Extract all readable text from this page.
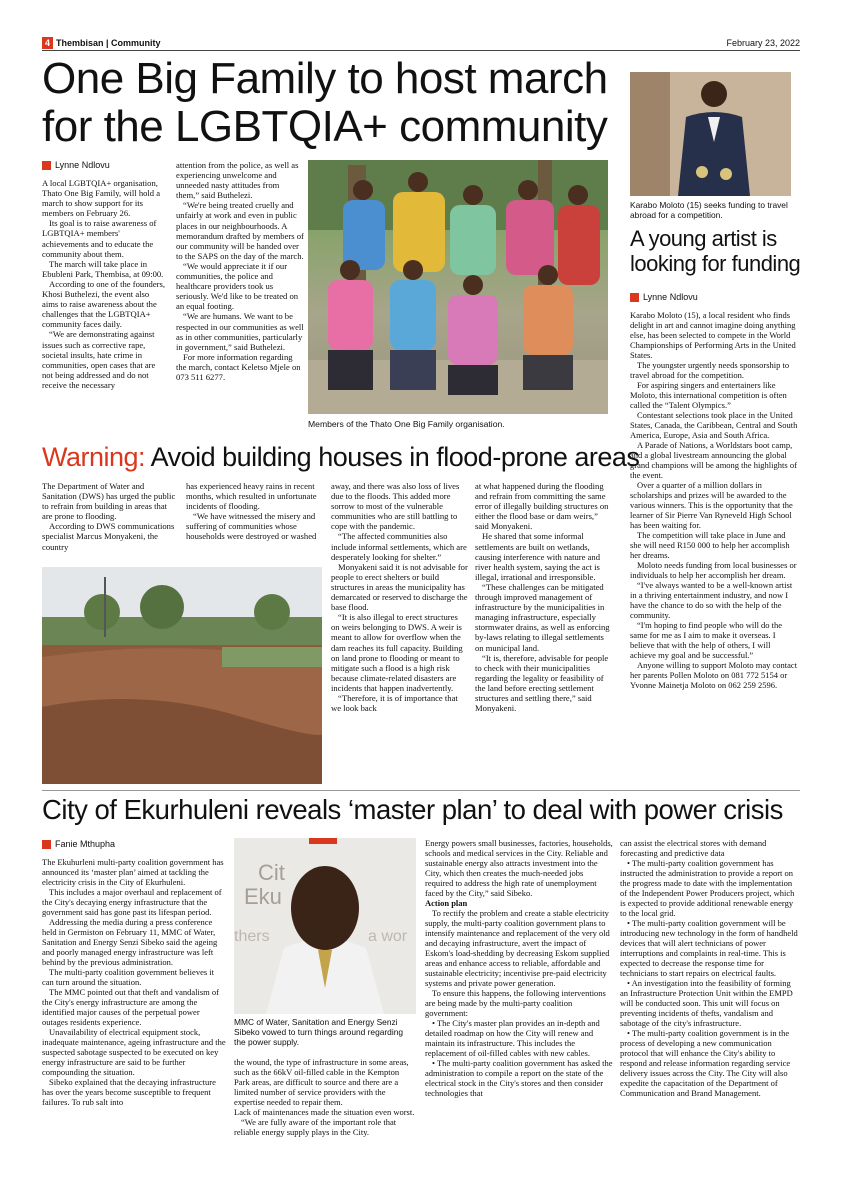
4 Thembisan | Community	February 23, 2022
One Big Family to host march
for the LGBTQIA+ community
Lynne Ndlovu

A local LGBTQIA+ organisation, Thato One Big Family, will hold a march to show support for its members on February 26.

Its goal is to raise awareness of LGBTQIA+ members' achievements and to educate the community about them.

The march will take place in Ebubleni Park, Thembisa, at 09:00.

According to one of the founders, Khosi Buthelezi, the event also aims to raise awareness about the challenges that the LGBTQIA+ community faces daily.

“We are demonstrating against issues such as corrective rape, societal insults, hate crime in communities, open cases that are not being addressed and do not receive the necessary

attention from the police, as well as experiencing unwelcome and unneeded nasty attitudes from them,” said Buthelezi.

“We're being treated cruelly and unfairly at work and even in public places in our neighbourhoods. A memorandum drafted by members of our community will be handed over to the SAPS on the day of the march.

“We would appreciate it if our communities, the police and healthcare providers took us seriously. We'd like to be treated on an equal footing.

“We are humans. We want to be respected in our communities as well as in other communities, particularly in government,” said Buthelezi.

For more information regarding the march, contact Keletso Mjele on 073 511 6277.

Members of the Thato One Big Family organisation.
Karabo Moloto (15) seeks funding to travel abroad for a competition.
A young artist is
looking for funding
Lynne Ndlovu

Karabo Moloto (15), a local resident who finds delight in art and cannot imagine doing anything else, has been selected to compete in the World Championships of Performing Arts in the United States.

The youngster urgently needs sponsorship to travel abroad for the competition.

For aspiring singers and entertainers like Moloto, this international competition is often called the “Talent Olympics.”

Contestant selections took place in the United States, Canada, the Caribbean, Central and South America, Europe, Asia and South Africa.

A Parade of Nations, a Worldstars boot camp, and a global livestream announcing the global grand champions will be among the highlights of the event.

Over a quarter of a million dollars in scholarships and prizes will be awarded to the various winners. This is the opportunity that the learner of Sir Pierre Van Ryneveld High School has been waiting for.

The competition will take place in June and she will need R150 000 to help her accomplish her dreams.

Moloto needs funding from local businesses or individuals to help her accomplish her dream.

“I've always wanted to be a well-known artist in a thriving entertainment industry, and now I have the chance to do so with the help of the community.

“I'm hoping to find people who will do the same for me as I aim to make it overseas. I believe that with the help of others, I will achieve my goal and be successful.”

Anyone willing to support Moloto may contact her parents Pollen Moloto on 081 772 5154 or Yvonne Mainetja Moloto on 062 259 2596.

Warning: Avoid building houses in flood-prone areas

The Department of Water and Sanitation (DWS) has urged the public to refrain from building in areas that are prone to flooding.

According to DWS communications specialist Marcus Monyakeni, the country

has experienced heavy rains in recent months, which resulted in unfortunate incidents of flooding.

“We have witnessed the misery and suffering of communities whose households were destroyed or washed

away, and there was also loss of lives due to the floods. This added more sorrow to most of the vulnerable communities who are still battling to cope with the pandemic.

“The affected communities also include informal settlements, which are desperately looking for shelter.”

Monyakeni said it is not advisable for people to erect shelters or build structures in areas the municipality has demarcated or reserved to discharge the base flood.

“It is also illegal to erect structures on weirs belonging to DWS. A weir is meant to allow for overflow when the dam reaches its full capacity. Building on land prone to flooding or meant to mitigate such a flood is a high risk because climate-related disasters are incidents that happen inadvertently.

“Therefore, it is of importance that we look back

at what happened during the flooding and refrain from committing the same error of illegally building structures on either the flood base or dam weirs,” said Monyakeni.

He shared that some informal settlements are built on wetlands, causing interference with nature and river health system, saying the act is illegal, irrational and irresponsible.

“These challenges can be mitigated through improved management of infrastructure by the municipalities in managing infrastructure, especially stormwater drains, as well as enforcing by-laws relating to illegal settlements on municipal land.

“It is, therefore, advisable for people to check with their municipalities regarding the legality or feasibility of the land before erecting settlement structures and settling there,” said Monyakeni.

City of Ekurhuleni reveals ‘master plan’ to deal with power crisis
Fanie Mthupha

The Ekuhurleni multi-party coalition government has announced its ‘master plan’ aimed at tackling the electricity crisis in the City of Ekurhuleni.

This includes a major overhaul and replacement of the City's decaying energy infrastructure that the government said has gone past its lifespan period.

Addressing the media during a press conference held in Germiston on February 11, MMC of Water, Sanitation and Energy Senzi Sibeko said the ageing and poorly managed energy infrastructure was left behind by the previous administration.

The multi-party coalition government believes it can turn around the situation.

The MMC pointed out that theft and vandalism of the City's energy infrastructure are among the identified major causes of the perpetual power outages residents experience.

Unavailability of electrical equipment stock, inadequate maintenance, ageing infrastructure and the suspected sabotage suspected to be executed on key energy infrastructure are said to be further compounding the situation.

Sibeko explained that the decaying infrastructure has over the years become susceptible to frequent failures. To rub salt into

Cit
Eku
thers	a wor
MMC of Water, Sanitation and Energy Senzi Sibeko vowed to turn things around regarding the power supply.

the wound, the type of infrastructure in some areas, such as the 66kV oil-filled cable in the Kempton Park areas, are difficult to source and there are a limited number of service providers with the expertise needed to repair them.

Lack of maintenances made the situation even worst.

“We are fully aware of the important role that reliable energy supply plays in the City.

Energy powers small businesses, factories, households, schools and medical services in the City. Reliable and sustainable energy also attracts investment into the City, which then creates the much-needed jobs required to address the high rate of unemployment faced by the City,” said Sibeko.

Action plan

To rectify the problem and create a stable electricity supply, the multi-party coalition government plans to intensify maintenance and replacement of the very old and decaying infrastructure, avert the impact of Eskom's load-shedding by decreasing Eskom supplied areas and enhance access to reliable, affordable and sustainable electricity; incentivise pre-paid electricity systems and private power generation.

To ensure this happens, the following interventions are being made by the multi-party coalition government:

• The City's master plan provides an in-depth and detailed roadmap on how the City will renew and maintain its infrastructure. This includes the replacement of oil-filled cables with new cables.

• The multi-party coalition government has asked the administration to compile a report on the state of the electrical stock in the City's stores and then consider technologies that

can assist the electrical stores with demand forecasting and predictive data

• The multi-party coalition government has instructed the administration to provide a report on the progress made to date with the implementation of the Independent Power Producers project, which is expected to provide additional renewable energy to the local grid.

• The multi-party coalition government will be introducing new technology in the form of handheld devices that will alert technicians of power interruptions and complaints in real-time. This is expected to decrease the response time for technicians to start repairs on electrical faults.

• An investigation into the feasibility of forming an Infrastructure Protection Unit within the EMPD will be conducted soon. This unit will focus on preventing incidents of thefts, vandalism and sabotage of the city's infrastructure.

• The multi-party coalition government is in the process of developing a new communication protocol that will enhance the City's ability to respond and release information regarding service delivery issues across the City. The City will also expedite the capacitation of the Department of Communication and Brand Management.
